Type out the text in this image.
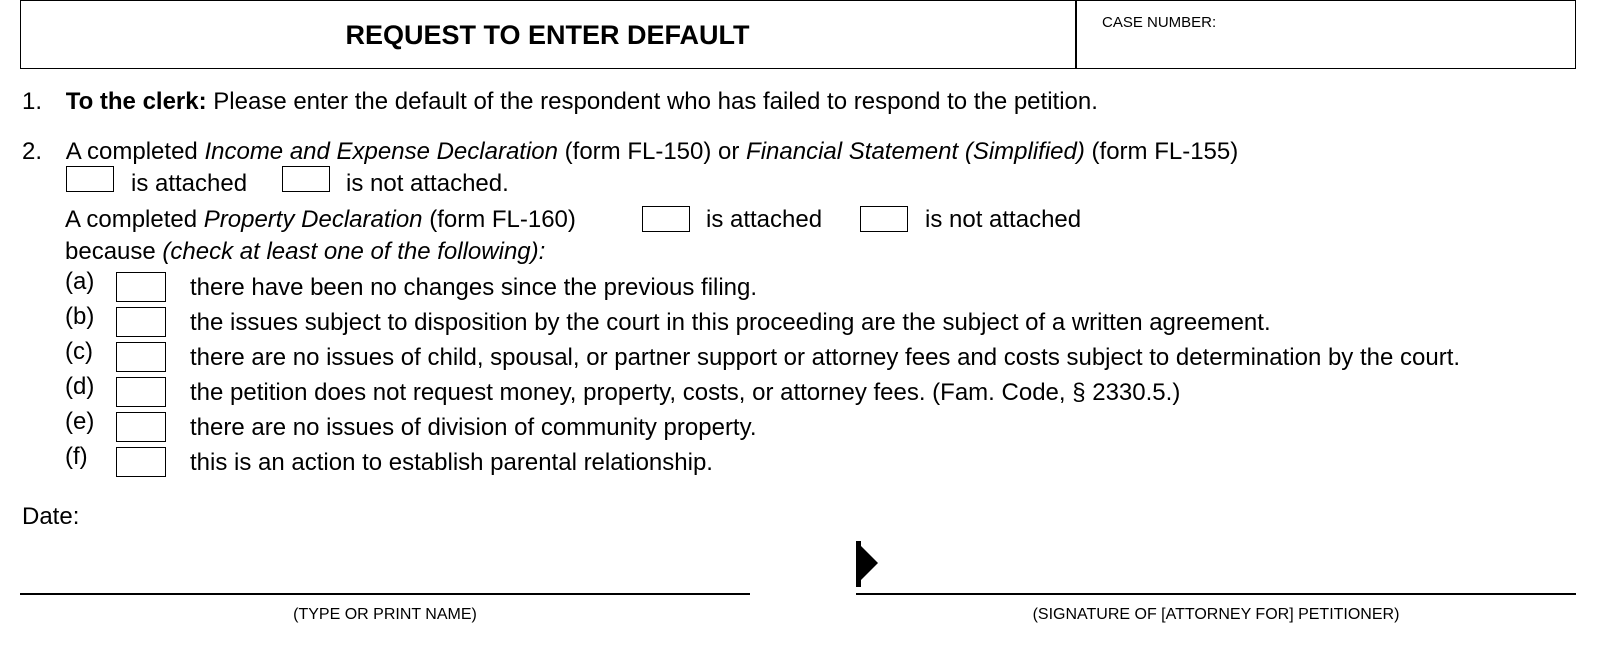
REQUEST TO ENTER DEFAULT	CASE NUMBER:
1. To the clerk: Please enter the default of the respondent who has failed to respond to the petition.
2. A completed Income and Expense Declaration (form FL-150) or Financial Statement (Simplified) (form FL-155)
is attached	is not attached.
A completed Property Declaration (form FL-160)	is attached	is not attached
because (check at least one of the following):
(a)	there have been no changes since the previous filing.
(b)	the issues subject to disposition by the court in this proceeding are the subject of a written agreement.
(c)	there are no issues of child, spousal, or partner support or attorney fees and costs subject to determination by the court.
(d)	the petition does not request money, property, costs, or attorney fees. (Fam. Code, § 2330.5.)
(e)	there are no issues of division of community property.
(f)	this is an action to establish parental relationship.
Date:
(TYPE OR PRINT NAME)	(SIGNATURE OF [ATTORNEY FOR] PETITIONER)
